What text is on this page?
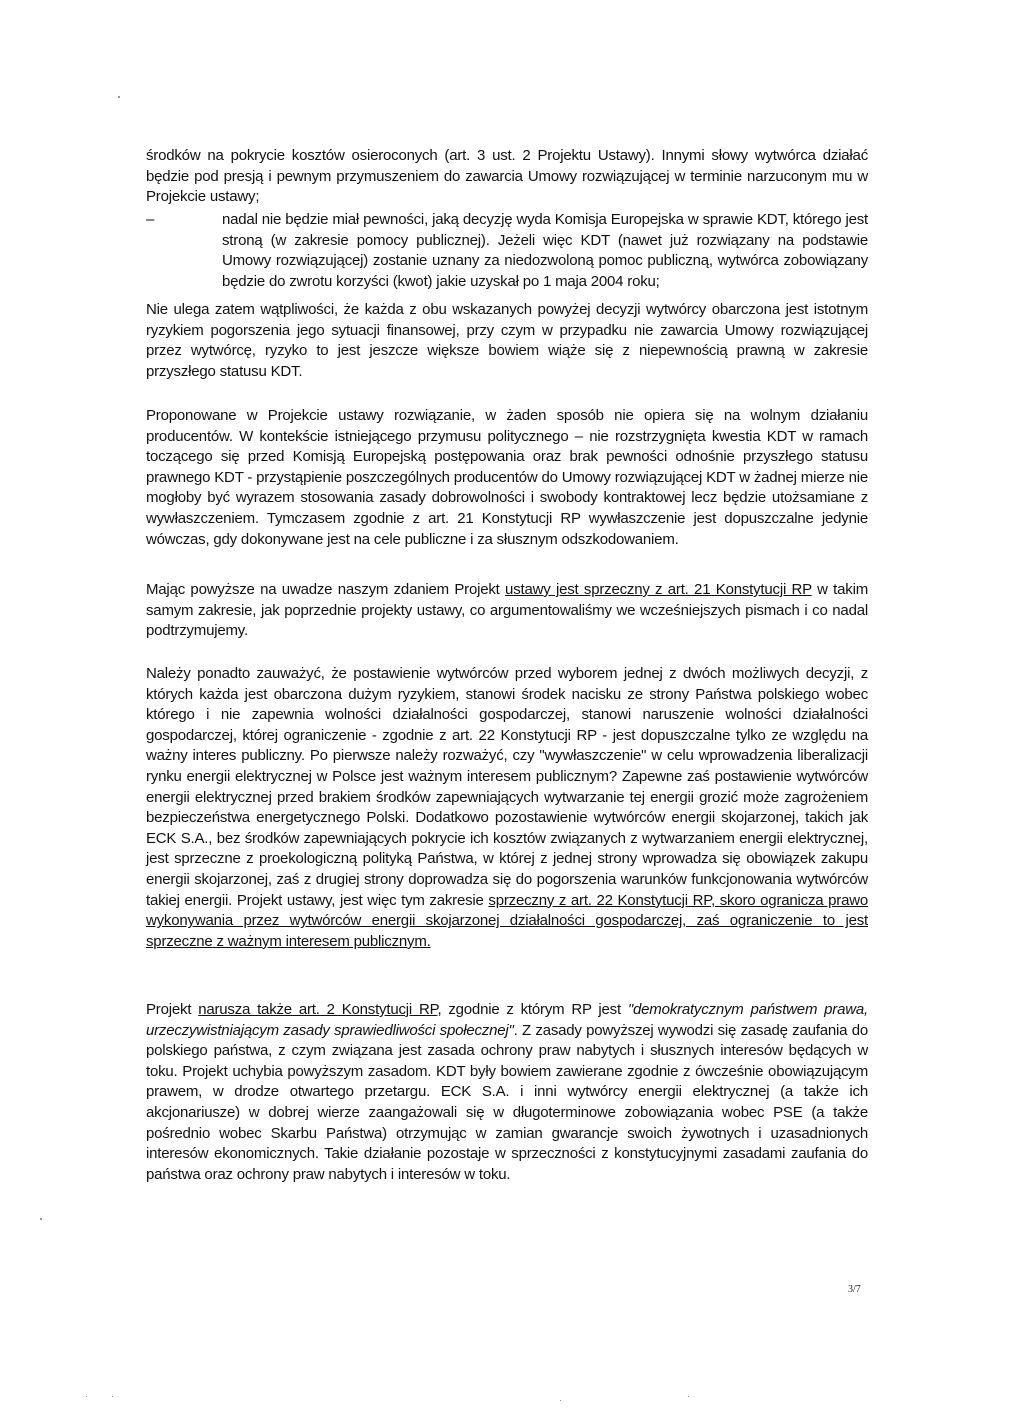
środków na pokrycie kosztów osieroconych (art. 3 ust. 2 Projektu Ustawy). Innymi słowy wytwórca działać będzie pod presją i pewnym przymuszeniem do zawarcia Umowy rozwiązującej w terminie narzuconym mu w Projekcie ustawy;

–	nadal nie będzie miał pewności, jaką decyzję wyda Komisja Europejska w sprawie KDT, którego jest stroną (w zakresie pomocy publicznej). Jeżeli więc KDT (nawet już rozwiązany na podstawie Umowy rozwiązującej) zostanie uznany za niedozwoloną pomoc publiczną, wytwórca zobowiązany będzie do zwrotu korzyści (kwot) jakie uzyskał po 1 maja 2004 roku;

Nie ulega zatem wątpliwości, że każda z obu wskazanych powyżej decyzji wytwórcy obarczona jest istotnym ryzykiem pogorszenia jego sytuacji finansowej, przy czym w przypadku nie zawarcia Umowy rozwiązującej przez wytwórcę, ryzyko to jest jeszcze większe bowiem wiąże się z niepewnością prawną w zakresie przyszłego statusu KDT.

Proponowane w Projekcie ustawy rozwiązanie, w żaden sposób nie opiera się na wolnym działaniu producentów. W kontekście istniejącego przymusu politycznego – nie rozstrzygnięta kwestia KDT w ramach toczącego się przed Komisją Europejską postępowania oraz brak pewności odnośnie przyszłego statusu prawnego KDT - przystąpienie poszczególnych producentów do Umowy rozwiązującej KDT w żadnej mierze nie mogłoby być wyrazem stosowania zasady dobrowolności i swobody kontraktowej lecz będzie utożsamiane z wywłaszczeniem. Tymczasem zgodnie z art. 21 Konstytucji RP wywłaszczenie jest dopuszczalne jedynie wówczas, gdy dokonywane jest na cele publiczne i za słusznym odszkodowaniem.

Mając powyższe na uwadze naszym zdaniem Projekt ustawy jest sprzeczny z art. 21 Konstytucji RP w takim samym zakresie, jak poprzednie projekty ustawy, co argumentowaliśmy we wcześniejszych pismach i co nadal podtrzymujemy.

Należy ponadto zauważyć, że postawienie wytwórców przed wyborem jednej z dwóch możliwych decyzji, z których każda jest obarczona dużym ryzykiem, stanowi środek nacisku ze strony Państwa polskiego wobec którego i nie zapewnia wolności działalności gospodarczej, stanowi naruszenie wolności działalności gospodarczej, której ograniczenie - zgodnie z art. 22 Konstytucji RP - jest dopuszczalne tylko ze względu na ważny interes publiczny. Po pierwsze należy rozważyć, czy "wywłaszczenie" w celu wprowadzenia liberalizacji rynku energii elektrycznej w Polsce jest ważnym interesem publicznym? Zapewne zaś postawienie wytwórców energii elektrycznej przed brakiem środków zapewniających wytwarzanie tej energii grozić może zagrożeniem bezpieczeństwa energetycznego Polski. Dodatkowo pozostawienie wytwórców energii skojarzonej, takich jak ECK S.A., bez środków zapewniających pokrycie ich kosztów związanych z wytwarzaniem energii elektrycznej, jest sprzeczne z proekologiczną polityką Państwa, w której z jednej strony wprowadza się obowiązek zakupu energii skojarzonej, zaś z drugiej strony doprowadza się do pogorszenia warunków funkcjonowania wytwórców takiej energii. Projekt ustawy, jest więc tym zakresie sprzeczny z art. 22 Konstytucji RP, skoro ogranicza prawo wykonywania przez wytwórców energii skojarzonej działalności gospodarczej, zaś ograniczenie to jest sprzeczne z ważnym interesem publicznym.

Projekt narusza także art. 2 Konstytucji RP, zgodnie z którym RP jest "demokratycznym państwem prawa, urzeczywistniającym zasady sprawiedliwości społecznej". Z zasady powyższej wywodzi się zasadę zaufania do polskiego państwa, z czym związana jest zasada ochrony praw nabytych i słusznych interesów będących w toku. Projekt uchybia powyższym zasadom. KDT były bowiem zawierane zgodnie z ówcześnie obowiązującym prawem, w drodze otwartego przetargu. ECK S.A. i inni wytwórcy energii elektrycznej (a także ich akcjonariusze) w dobrej wierze zaangażowali się w długoterminowe zobowiązania wobec PSE (a także pośrednio wobec Skarbu Państwa) otrzymując w zamian gwarancje swoich żywotnych i uzasadnionych interesów ekonomicznych. Takie działanie pozostaje w sprzeczności z konstytucyjnymi zasadami zaufania do państwa oraz ochrony praw nabytych i interesów w toku.

3/7
